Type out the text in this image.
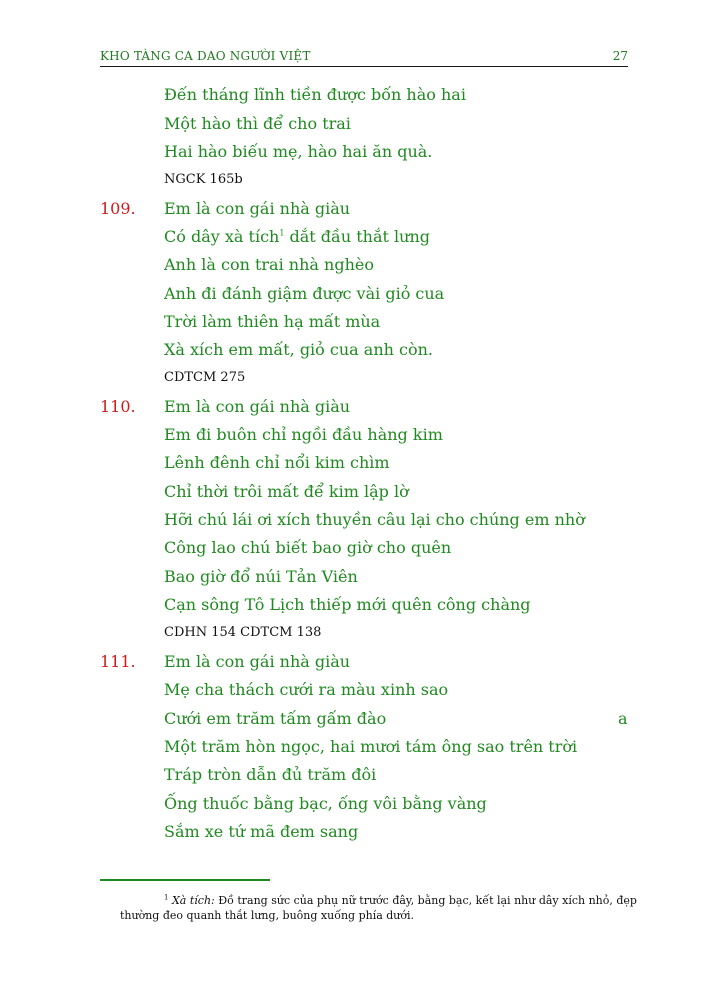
KHO TÀNG CA DAO NGƯỜI VIỆT	27
Đến tháng lĩnh tiền được bốn hào hai
Một hào thì để cho trai
Hai hào biếu mẹ, hào hai ăn quà.
NGCK 165b
109. Em là con gái nhà giàu
Có dây xà tích$^1$ dắt đầu thắt lưng
Anh là con trai nhà nghèo
Anh đi đánh giậm được vài giỏ cua
Trời làm thiên hạ mất mùa
Xà xích em mất, giỏ cua anh còn.
CDTCM 275
110. Em là con gái nhà giàu
Em đi buôn chỉ ngồi đầu hàng kim
Lênh đênh chỉ nổi kim chìm
Chỉ thời trôi mất để kim lập lờ
Hỡi chú lái ơi xích thuyền câu lại cho chúng em nhờ
Công lao chú biết bao giờ cho quên
Bao giờ đổ núi Tản Viên
Cạn sông Tô Lịch thiếp mới quên công chàng
CDHN 154 CDTCM 138
111. Em là con gái nhà giàu
Mẹ cha thách cưới ra màu xinh sao
Cưới em trăm tấm gấm đào	a
Một trăm hòn ngọc, hai mươi tám ông sao trên trời
Tráp tròn dẫn đủ trăm đôi
Ống thuốc bằng bạc, ống vôi bằng vàng
Sắm xe tứ mã đem sang
$^1$ Xà tích: Đồ trang sức của phụ nữ trước đây, bằng bạc, kết lại như dây xích nhỏ, đẹp thường đeo quanh thắt lưng, buông xuống phía dưới.
